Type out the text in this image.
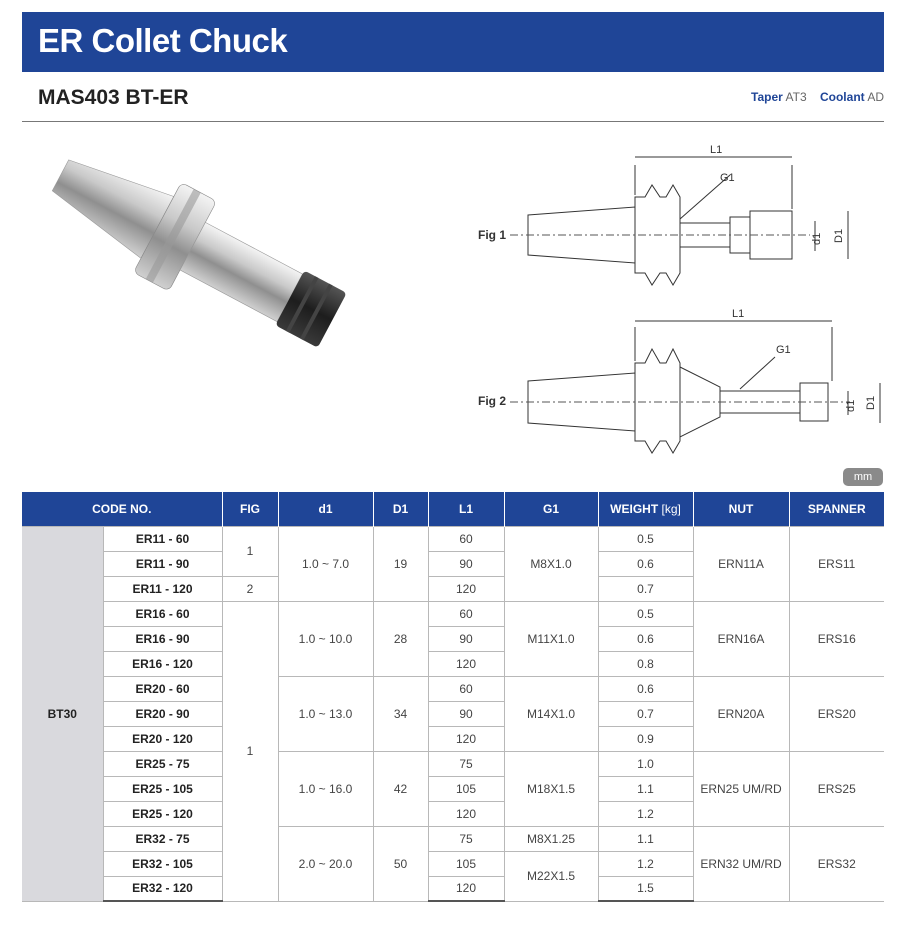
ER Collet Chuck
MAS403 BT-ER	Taper AT3 Coolant AD
Fig 1
L1
G1
d1 D1
Fig 2
L1
G1
d1 D1
mm
CODE NO.		FIG	d1	D1	L1	G1	WEIGHT [kg]	NUT	SPANNER
BT30	ER11 - 60	1	1.0 ~ 7.0	19	60	M8X1.0	0.5	ERN11A	ERS11
	ER11 - 90				90		0.6		
	ER11 - 120	2			120		0.7		
	ER16 - 60	1	1.0 ~ 10.0	28	60	M11X1.0	0.5	ERN16A	ERS16
	ER16 - 90				90		0.6		
	ER16 - 120				120		0.8		
	ER20 - 60		1.0 ~ 13.0	34	60	M14X1.0	0.6	ERN20A	ERS20
	ER20 - 90				90		0.7		
	ER20 - 120				120		0.9		
	ER25 - 75		1.0 ~ 16.0	42	75	M18X1.5	1.0	ERN25 UM/RD	ERS25
	ER25 - 105				105		1.1		
	ER25 - 120				120		1.2		
	ER32 - 75		2.0 ~ 20.0	50	75	M8X1.25	1.1	ERN32 UM/RD	ERS32
	ER32 - 105				105	M22X1.5	1.2		
	ER32 - 120				120		1.5		
